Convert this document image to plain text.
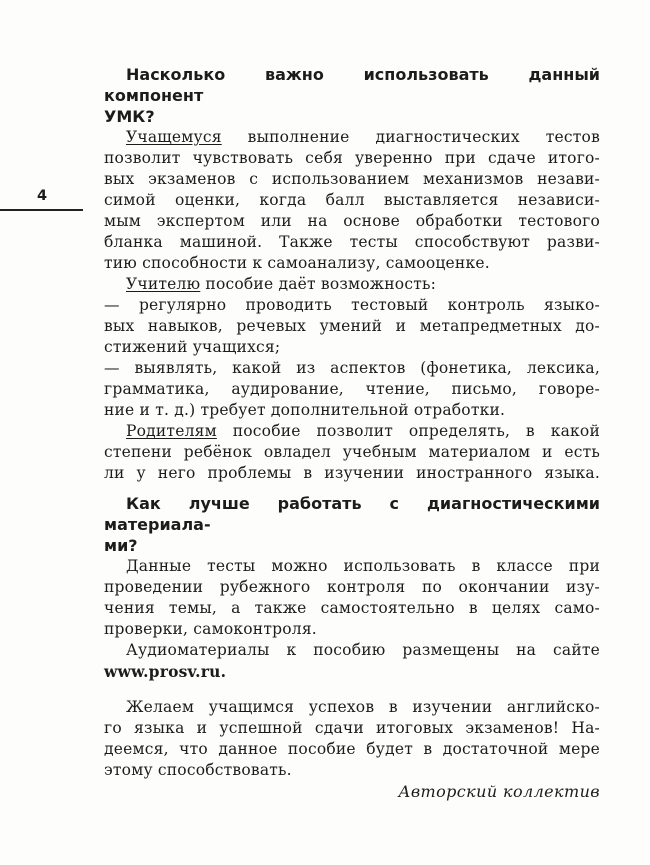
4
Насколько важно использовать данный компонент
УМК?
Учащемуся выполнение диагностических тестов
позволит чувствовать себя уверенно при сдаче итого-
вых экзаменов с использованием механизмов незави-
симой оценки, когда балл выставляется независи-
мым экспертом или на основе обработки тестового
бланка машиной. Также тесты способствуют разви-
тию способности к самоанализу, самооценке.
Учителю пособие даёт возможность:
— регулярно проводить тестовый контроль языко-
вых навыков, речевых умений и метапредметных до-
стижений учащихся;
— выявлять, какой из аспектов (фонетика, лексика,
грамматика, аудирование, чтение, письмо, говоре-
ние и т. д.) требует дополнительной отработки.
Родителям пособие позволит определять, в какой
степени ребёнок овладел учебным материалом и есть
ли у него проблемы в изучении иностранного языка.
Как лучше работать с диагностическими материала-
ми?
Данные тесты можно использовать в классе при
проведении рубежного контроля по окончании изу-
чения темы, а также самостоятельно в целях само-
проверки, самоконтроля.
Аудиоматериалы к пособию размещены на сайте
www.prosv.ru.
Желаем учащимся успехов в изучении английско-
го языка и успешной сдачи итоговых экзаменов! На-
деемся, что данное пособие будет в достаточной мере
этому способствовать.
Авторский коллектив
